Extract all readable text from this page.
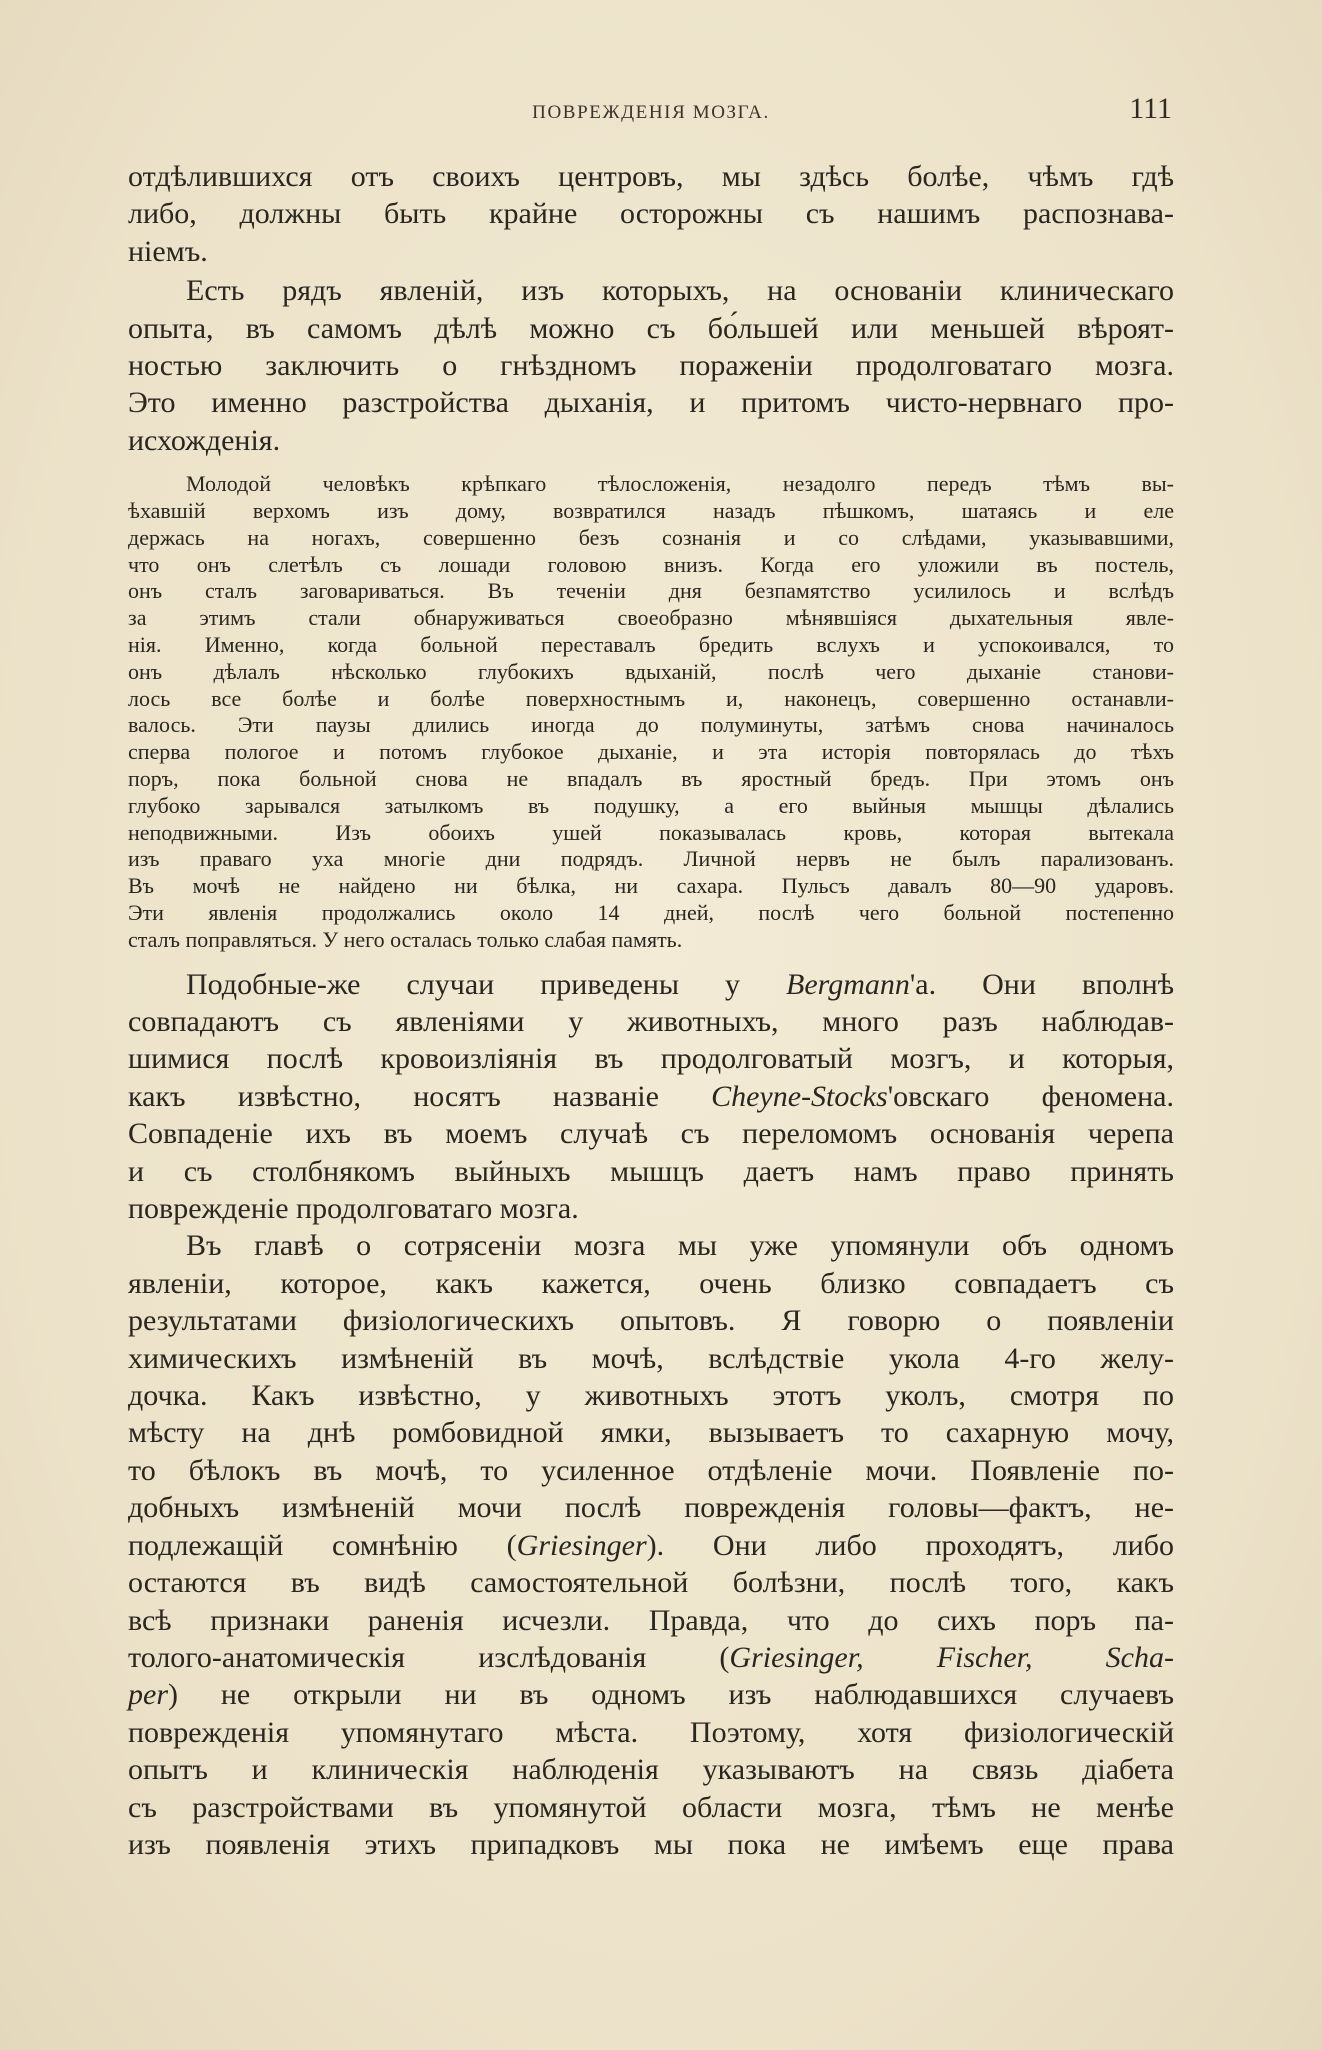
ПОВРЕЖДЕНІЯ МОЗГА.	111

отдѣлившихся отъ своихъ центровъ, мы здѣсь болѣе, чѣмъ гдѣ
либо, должны быть крайне осторожны съ нашимъ распознава-
ніемъ.

Есть рядъ явленій, изъ которыхъ, на основаніи клиническаго
опыта, въ самомъ дѣлѣ можно съ бо́льшей или меньшей вѣроят-
ностью заключить о гнѣздномъ пораженіи продолговатаго мозга.
Это именно разстройства дыханія, и притомъ чисто-нервнаго про-
исхожденія.

Молодой человѣкъ крѣпкаго тѣлосложенія, незадолго передъ тѣмъ вы-
ѣхавшій верхомъ изъ дому, возвратился назадъ пѣшкомъ, шатаясь и еле
держась на ногахъ, совершенно безъ сознанія и со слѣдами, указывавшими,
что онъ слетѣлъ съ лошади головою внизъ. Когда его уложили въ постель,
онъ сталъ заговариваться. Въ теченіи дня безпамятство усилилось и вслѣдъ
за этимъ стали обнаруживаться своеобразно мѣнявшіяся дыхательныя явле-
нія. Именно, когда больной переставалъ бредить вслухъ и успокоивался, то
онъ дѣлалъ нѣсколько глубокихъ вдыханій, послѣ чего дыханіе станови-
лось все болѣе и болѣе поверхностнымъ и, наконецъ, совершенно останавли-
валось. Эти паузы длились иногда до полуминуты, затѣмъ снова начиналось
сперва пологое и потомъ глубокое дыханіе, и эта исторія повторялась до тѣхъ
поръ, пока больной снова не впадалъ въ яростный бредъ. При этомъ онъ
глубоко зарывался затылкомъ въ подушку, а его выйныя мышцы дѣлались
неподвижными. Изъ обоихъ ушей показывалась кровь, которая вытекала
изъ праваго уха многіе дни подрядъ. Личной нервъ не былъ парализованъ.
Въ мочѣ не найдено ни бѣлка, ни сахара. Пульсъ давалъ 80—90 ударовъ.
Эти явленія продолжались около 14 дней, послѣ чего больной постепенно
сталъ поправляться. У него осталась только слабая память.

Подобные-же случаи приведены у Bergmann'а. Они вполнѣ
совпадаютъ съ явленіями у животныхъ, много разъ наблюдав-
шимися послѣ кровоизліянія въ продолговатый мозгъ, и которыя,
какъ извѣстно, носятъ названіе Cheyne-Stocks'овскаго феномена.
Совпаденіе ихъ въ моемъ случаѣ съ переломомъ основанія черепа
и съ столбнякомъ выйныхъ мышцъ даетъ намъ право принять
поврежденіе продолговатаго мозга.

Въ главѣ о сотрясеніи мозга мы уже упомянули объ одномъ
явленіи, которое, какъ кажется, очень близко совпадаетъ съ
результатами физіологическихъ опытовъ. Я говорю о появленіи
химическихъ измѣненій въ мочѣ, вслѣдствіе укола 4-го желу-
дочка. Какъ извѣстно, у животныхъ этотъ уколъ, смотря по
мѣсту на днѣ ромбовидной ямки, вызываетъ то сахарную мочу,
то бѣлокъ въ мочѣ, то усиленное отдѣленіе мочи. Появленіе по-
добныхъ измѣненій мочи послѣ поврежденія головы—фактъ, не-
подлежащій сомнѣнію (Griesinger). Они либо проходятъ, либо
остаются въ видѣ самостоятельной болѣзни, послѣ того, какъ
всѣ признаки раненія исчезли. Правда, что до сихъ поръ па-
толого-анатомическія изслѣдованія (Griesinger, Fischer, Scha-
per) не открыли ни въ одномъ изъ наблюдавшихся случаевъ
поврежденія упомянутаго мѣста. Поэтому, хотя физіологическій
опытъ и клиническія наблюденія указываютъ на связь діабета
съ разстройствами въ упомянутой области мозга, тѣмъ не менѣе
изъ появленія этихъ припадковъ мы пока не имѣемъ еще права
